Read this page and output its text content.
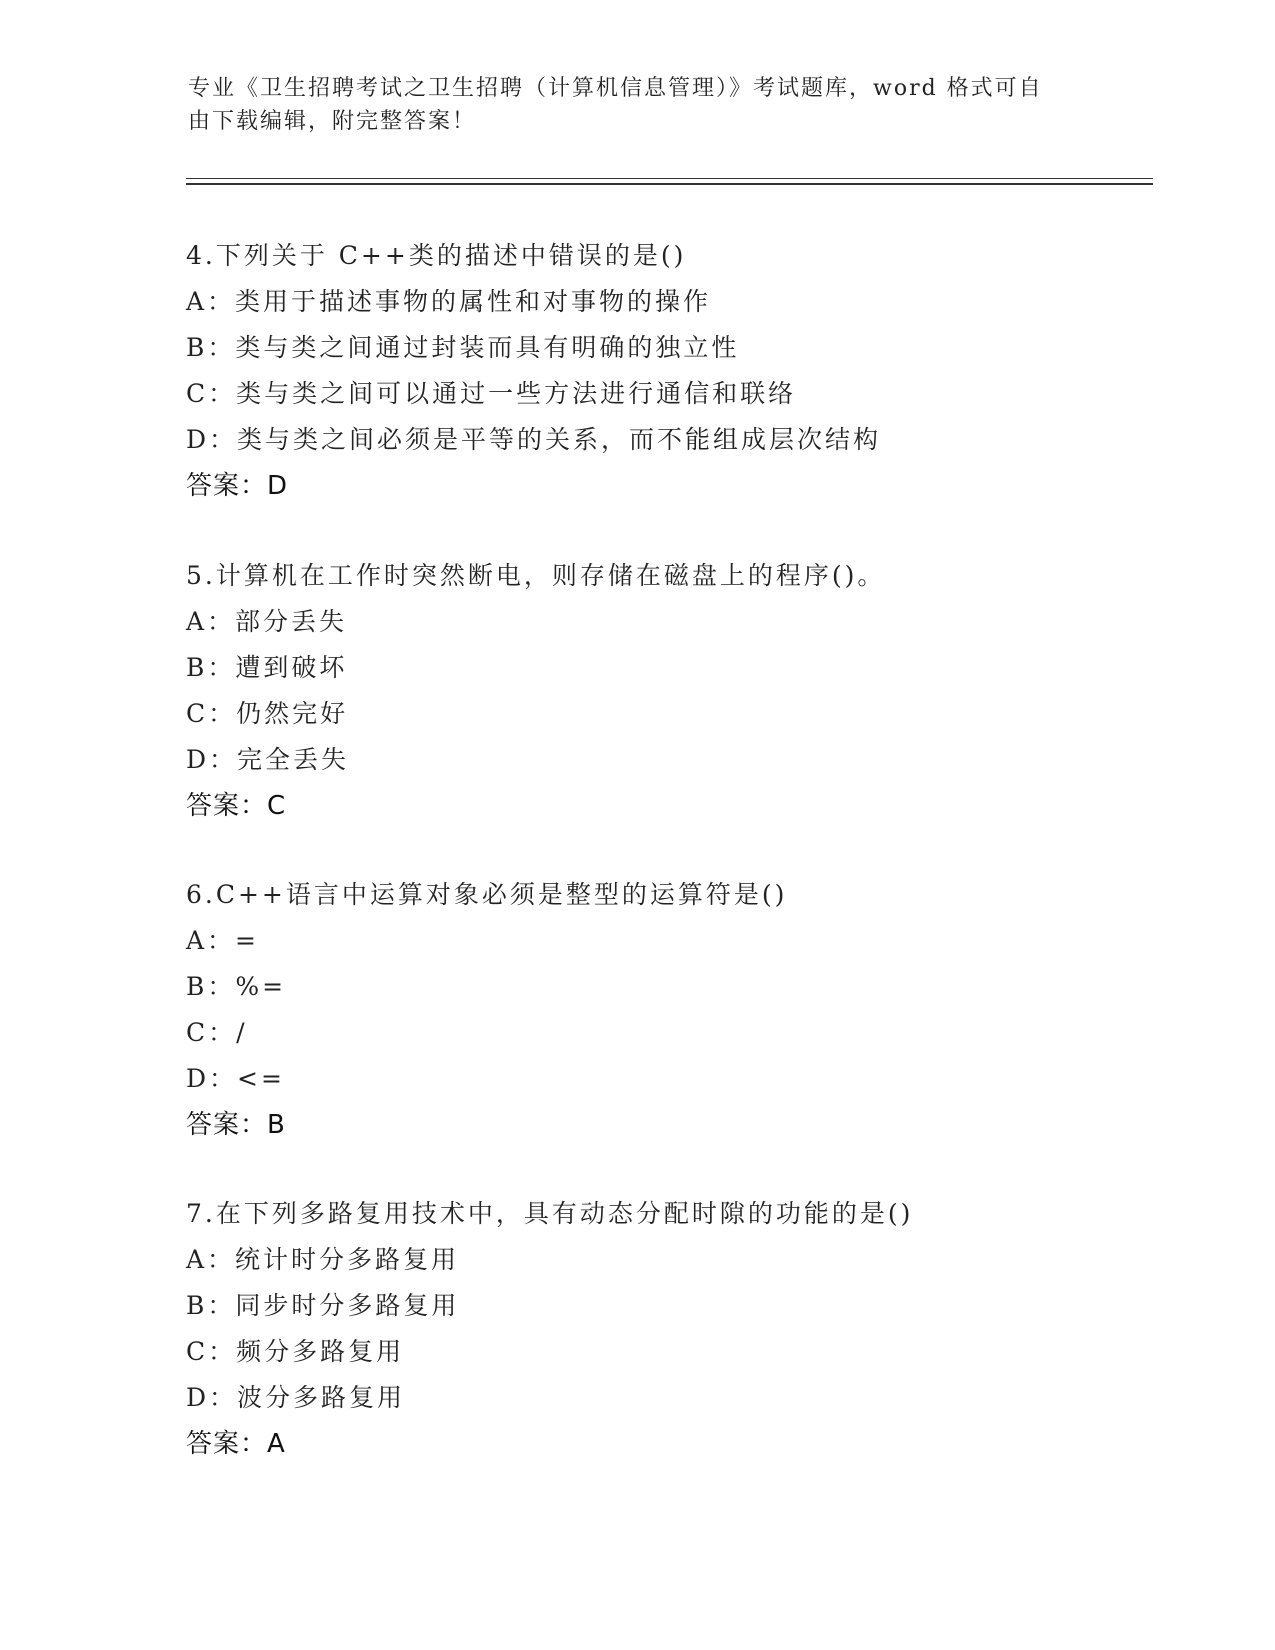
专业《卫生招聘考试之卫生招聘（计算机信息管理）》考试题库，word 格式可自
由下载编辑，附完整答案！
4.下列关于 C++类的描述中错误的是()
A：类用于描述事物的属性和对事物的操作
B：类与类之间通过封装而具有明确的独立性
C：类与类之间可以通过一些方法进行通信和联络
D：类与类之间必须是平等的关系，而不能组成层次结构
答案：D
5.计算机在工作时突然断电，则存储在磁盘上的程序()。
A：部分丢失
B：遭到破坏
C：仍然完好
D：完全丢失
答案：C
6.C++语言中运算对象必须是整型的运算符是()
A：=
B：%=
C：/
D：<=
答案：B
7.在下列多路复用技术中，具有动态分配时隙的功能的是()
A：统计时分多路复用
B：同步时分多路复用
C：频分多路复用
D：波分多路复用
答案：A
